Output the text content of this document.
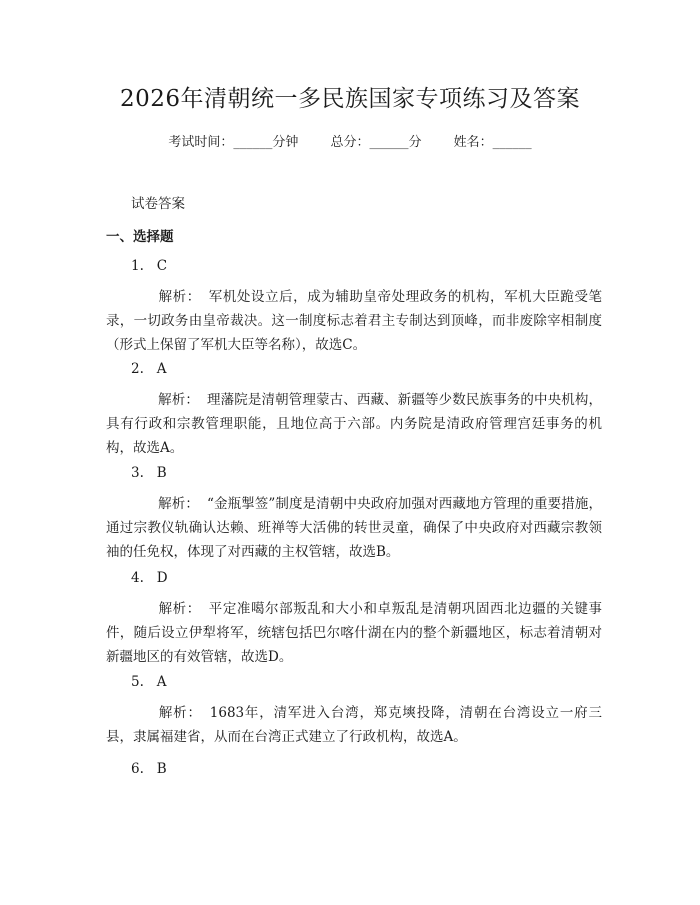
2026年清朝统一多民族国家专项练习及答案
考试时间：______分钟 总分：______分 姓名：______
试卷答案
一、选择题
1. C
解析： 军机处设立后，成为辅助皇帝处理政务的机构，军机大臣跪受笔录，一切政务由皇帝裁决。这一制度标志着君主专制达到顶峰，而非废除宰相制度（形式上保留了军机大臣等名称），故选C。
2. A
解析： 理藩院是清朝管理蒙古、西藏、新疆等少数民族事务的中央机构，具有行政和宗教管理职能，且地位高于六部。内务院是清政府管理宫廷事务的机构，故选A。
3. B
解析： “金瓶掣签”制度是清朝中央政府加强对西藏地方管理的重要措施，通过宗教仪轨确认达赖、班禅等大活佛的转世灵童，确保了中央政府对西藏宗教领袖的任免权，体现了对西藏的主权管辖，故选B。
4. D
解析： 平定准噶尔部叛乱和大小和卓叛乱是清朝巩固西北边疆的关键事件，随后设立伊犁将军，统辖包括巴尔喀什湖在内的整个新疆地区，标志着清朝对新疆地区的有效管辖，故选D。
5. A
解析： 1683年，清军进入台湾，郑克塽投降，清朝在台湾设立一府三县，隶属福建省，从而在台湾正式建立了行政机构，故选A。
6. B
